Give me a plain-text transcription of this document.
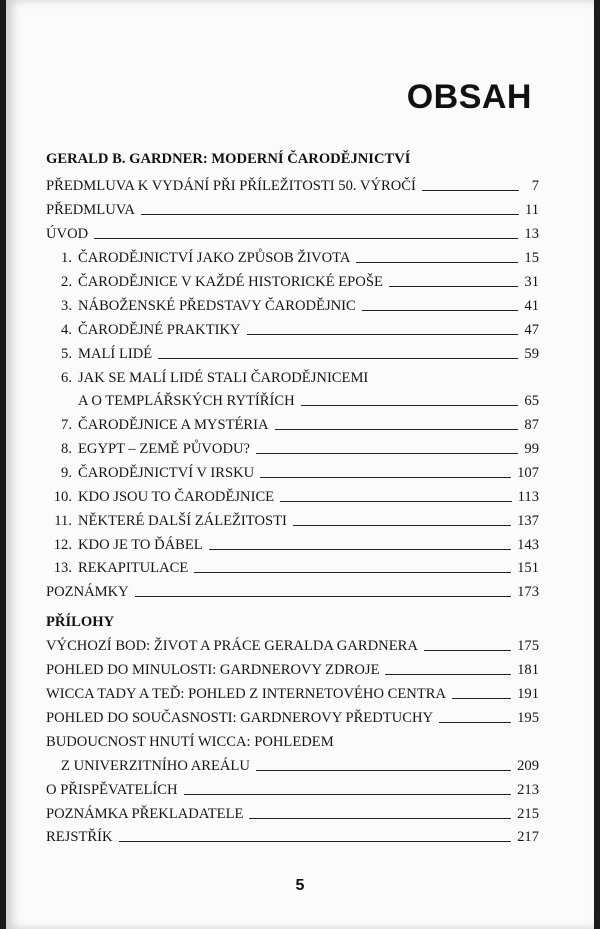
OBSAH
GERALD B. GARDNER: MODERNÍ ČARODĚJNICTVÍ
PŘEDMLUVA K VYDÁNÍ PŘI PŘÍLEŽITOSTI 50. VÝROČÍ	7
PŘEDMLUVA	11
ÚVOD	13
1. ČARODĚJNICTVÍ JAKO ZPŮSOB ŽIVOTA	15
2. ČARODĚJNICE V KAŽDÉ HISTORICKÉ EPOŠE	31
3. NÁBOŽENSKÉ PŘEDSTAVY ČARODĚJNIC	41
4. ČARODĚJNÉ PRAKTIKY	47
5. MALÍ LIDÉ	59
6. JAK SE MALÍ LIDÉ STALI ČARODĚJNICEMI
A O TEMPLÁŘSKÝCH RYTÍŘÍCH	65
7. ČARODĚJNICE A MYSTÉRIA	87
8. EGYPT – ZEMĚ PŮVODU?	99
9. ČARODĚJNICTVÍ V IRSKU	107
10. KDO JSOU TO ČARODĚJNICE	113
11. NĚKTERÉ DALŠÍ ZÁLEŽITOSTI	137
12. KDO JE TO ĎÁBEL	143
13. REKAPITULACE	151
POZNÁMKY	173
PŘÍLOHY
VÝCHOZÍ BOD: ŽIVOT A PRÁCE GERALDA GARDNERA	175
POHLED DO MINULOSTI: GARDNEROVY ZDROJE	181
WICCA TADY A TEĎ: POHLED Z INTERNETOVÉHO CENTRA	191
POHLED DO SOUČASNOSTI: GARDNEROVY PŘEDTUCHY	195
BUDOUCNOST HNUTÍ WICCA: POHLEDEM
Z UNIVERZITNÍHO AREÁLU	209
O PŘISPĚVATELÍCH	213
POZNÁMKA PŘEKLADATELE	215
REJSTŘÍK	217
5
